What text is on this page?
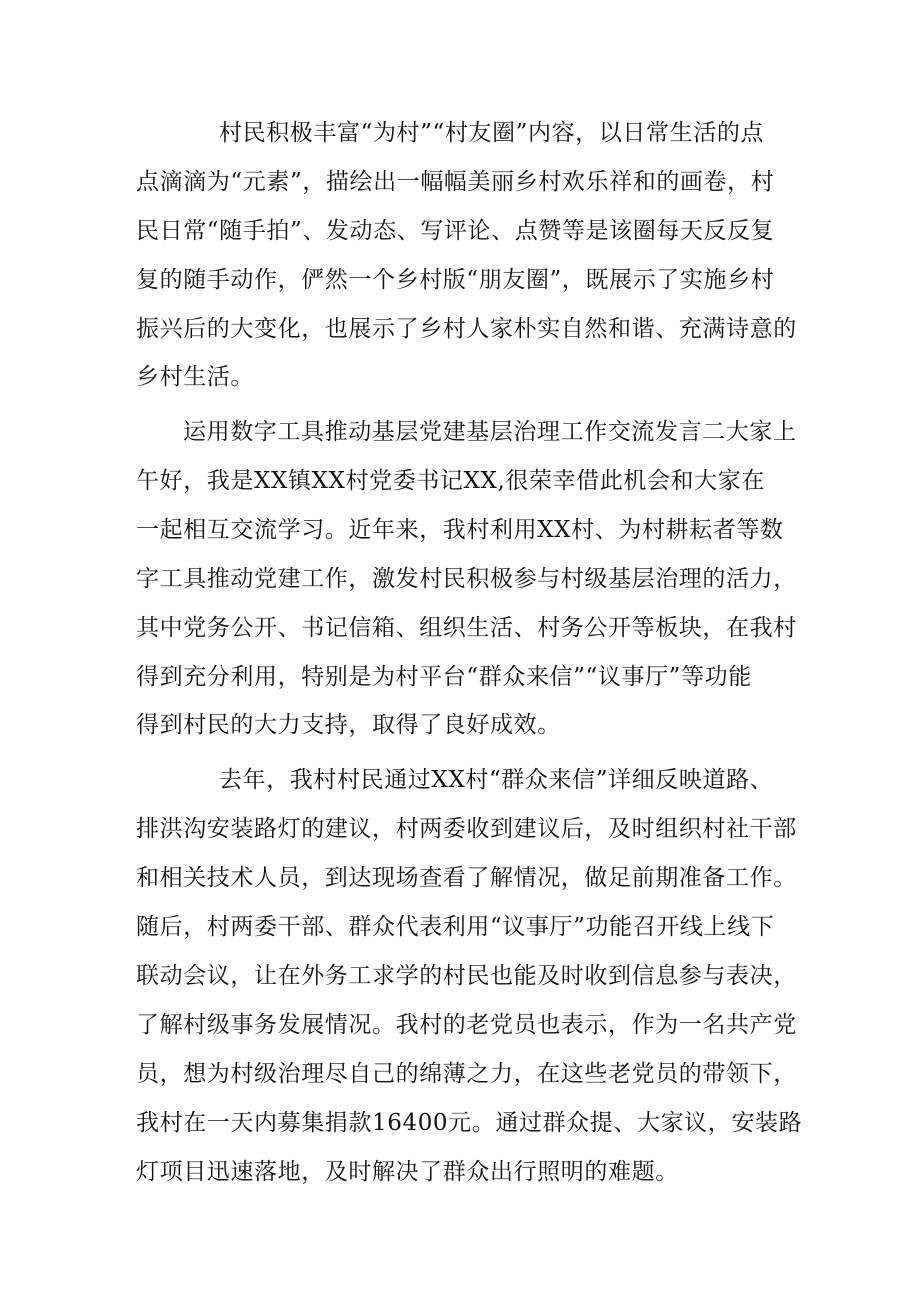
村民积极丰富“为村”“村友圈”内容，以日常生活的点
点滴滴为“元素”，描绘出一幅幅美丽乡村欢乐祥和的画卷，村
民日常“随手拍”、发动态、写评论、点赞等是该圈每天反反复
复的随手动作，俨然一个乡村版“朋友圈”，既展示了实施乡村
振兴后的大变化，也展示了乡村人家朴实自然和谐、充满诗意的
乡村生活。
运用数字工具推动基层党建基层治理工作交流发言二大家上
午好，我是XX镇XX村党委书记XX,很荣幸借此机会和大家在
一起相互交流学习。近年来，我村利用XX村、为村耕耘者等数
字工具推动党建工作，激发村民积极参与村级基层治理的活力，
其中党务公开、书记信箱、组织生活、村务公开等板块，在我村
得到充分利用，特别是为村平台“群众来信”“议事厅”等功能
得到村民的大力支持，取得了良好成效。
去年，我村村民通过XX村“群众来信”详细反映道路、
排洪沟安装路灯的建议，村两委收到建议后，及时组织村社干部
和相关技术人员，到达现场查看了解情况，做足前期准备工作。
随后，村两委干部、群众代表利用“议事厅”功能召开线上线下
联动会议，让在外务工求学的村民也能及时收到信息参与表决，
了解村级事务发展情况。我村的老党员也表示，作为一名共产党
员，想为村级治理尽自己的绵薄之力，在这些老党员的带领下，
我村在一天内募集捐款16400元。通过群众提、大家议，安装路
灯项目迅速落地，及时解决了群众出行照明的难题。
